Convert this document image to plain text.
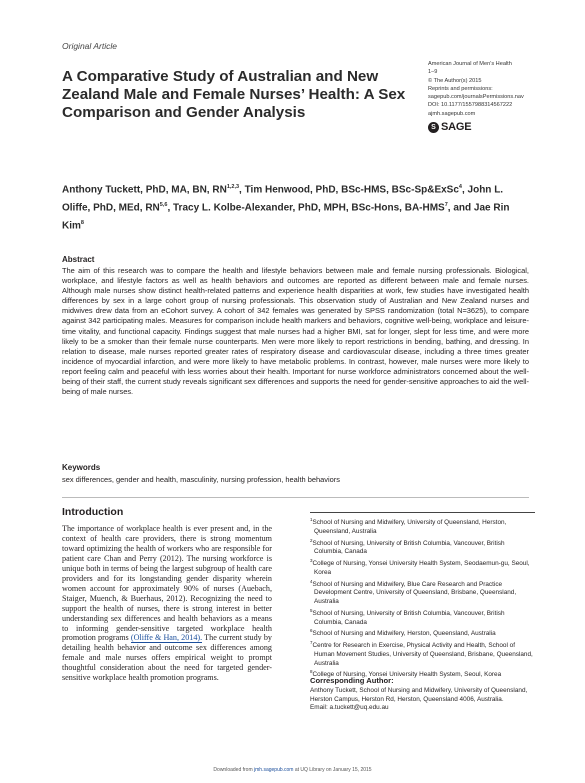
Original Article
A Comparative Study of Australian and New Zealand Male and Female Nurses’ Health: A Sex Comparison and Gender Analysis
American Journal of Men’s Health
1–9
© The Author(s) 2015
Reprints and permissions:
sagepub.com/journalsPermissions.nav
DOI: 10.1177/1557988314567222
ajmh.sagepub.com
S SAGE
Anthony Tuckett, PhD, MA, BN, RN$^{1,2,3}$, Tim Henwood, PhD, BSc-HMS, BSc-Sp&ExSc$^4$, John L. Oliffe, PhD, MEd, RN$^{5,6}$, Tracy L. Kolbe-Alexander, PhD, MPH, BSc-Hons, BA-HMS$^7$, and Jae Rin Kim$^8$
Abstract
The aim of this research was to compare the health and lifestyle behaviors between male and female nursing professionals. Biological, workplace, and lifestyle factors as well as health behaviors and outcomes are reported as different between male and female nurses. Although male nurses show distinct health-related patterns and experience health disparities at work, few studies have investigated health differences by sex in a large cohort group of nursing professionals. This observation study of Australian and New Zealand nurses and midwives drew data from an eCohort survey. A cohort of 342 females was generated by SPSS randomization (total N=3625), to compare against 342 participating males. Measures for comparison include health markers and behaviors, cognitive well-being, workplace and leisure-time vitality, and functional capacity. Findings suggest that male nurses had a higher BMI, sat for longer, slept for less time, and were more likely to be a smoker than their female nurse counterparts. Men were more likely to report restrictions in bending, bathing, and dressing. In relation to disease, male nurses reported greater rates of respiratory disease and cardiovascular disease, including a three times greater incidence of myocardial infarction, and were more likely to have metabolic problems. In contrast, however, male nurses were more likely to report feeling calm and peaceful with less worries about their health. Important for nurse workforce administrators concerned about the well-being of their staff, the current study reveals significant sex differences and supports the need for gender-sensitive approaches to aid the well-being of male nurses.
Keywords
sex differences, gender and health, masculinity, nursing profession, health behaviors
Introduction
The importance of workplace health is ever present and, in the context of health care providers, there is strong momentum toward optimizing the health of workers who are responsible for patient care Chan and Perry (2012). The nursing workforce is unique both in terms of being the largest subgroup of health care providers and for its longstanding gender disparity wherein women account for approximately 90% of nurses (Auebach, Staiger, Muench, & Buerhaus, 2012). Recognizing the need to support the health of nurses, there is strong interest in better understanding sex differences and health behaviors as a means to informing gender-sensitive targeted workplace health promotion programs (Oliffe & Han, 2014). The current study by detailing health behavior and outcome sex differences among female and male nurses offers empirical weight to prompt thoughtful consideration about the need for targeted gender-sensitive workplace health promotion programs.
$^1$School of Nursing and Midwifery, University of Queensland, Herston, Queensland, Australia
$^2$School of Nursing, University of British Columbia, Vancouver, British Columbia, Canada
$^3$College of Nursing, Yonsei University Health System, Seodaemun-gu, Seoul, Korea
$^4$School of Nursing and Midwifery, Blue Care Research and Practice Development Centre, University of Queensland, Brisbane, Queensland, Australia
$^5$School of Nursing, University of British Columbia, Vancouver, British Columbia, Canada
$^6$School of Nursing and Midwifery, Herston, Queensland, Australia
$^7$Centre for Research in Exercise, Physical Activity and Health, School of Human Movement Studies, University of Queensland, Brisbane, Queensland, Australia
$^8$College of Nursing, Yonsei University Health System, Seoul, Korea
Corresponding Author:
Anthony Tuckett, School of Nursing and Midwifery, University of Queensland, Herston Campus, Herston Rd, Herston, Queensland 4006, Australia.
Email: a.tuckett@uq.edu.au
Downloaded from jmh.sagepub.com at UQ Library on January 15, 2015
